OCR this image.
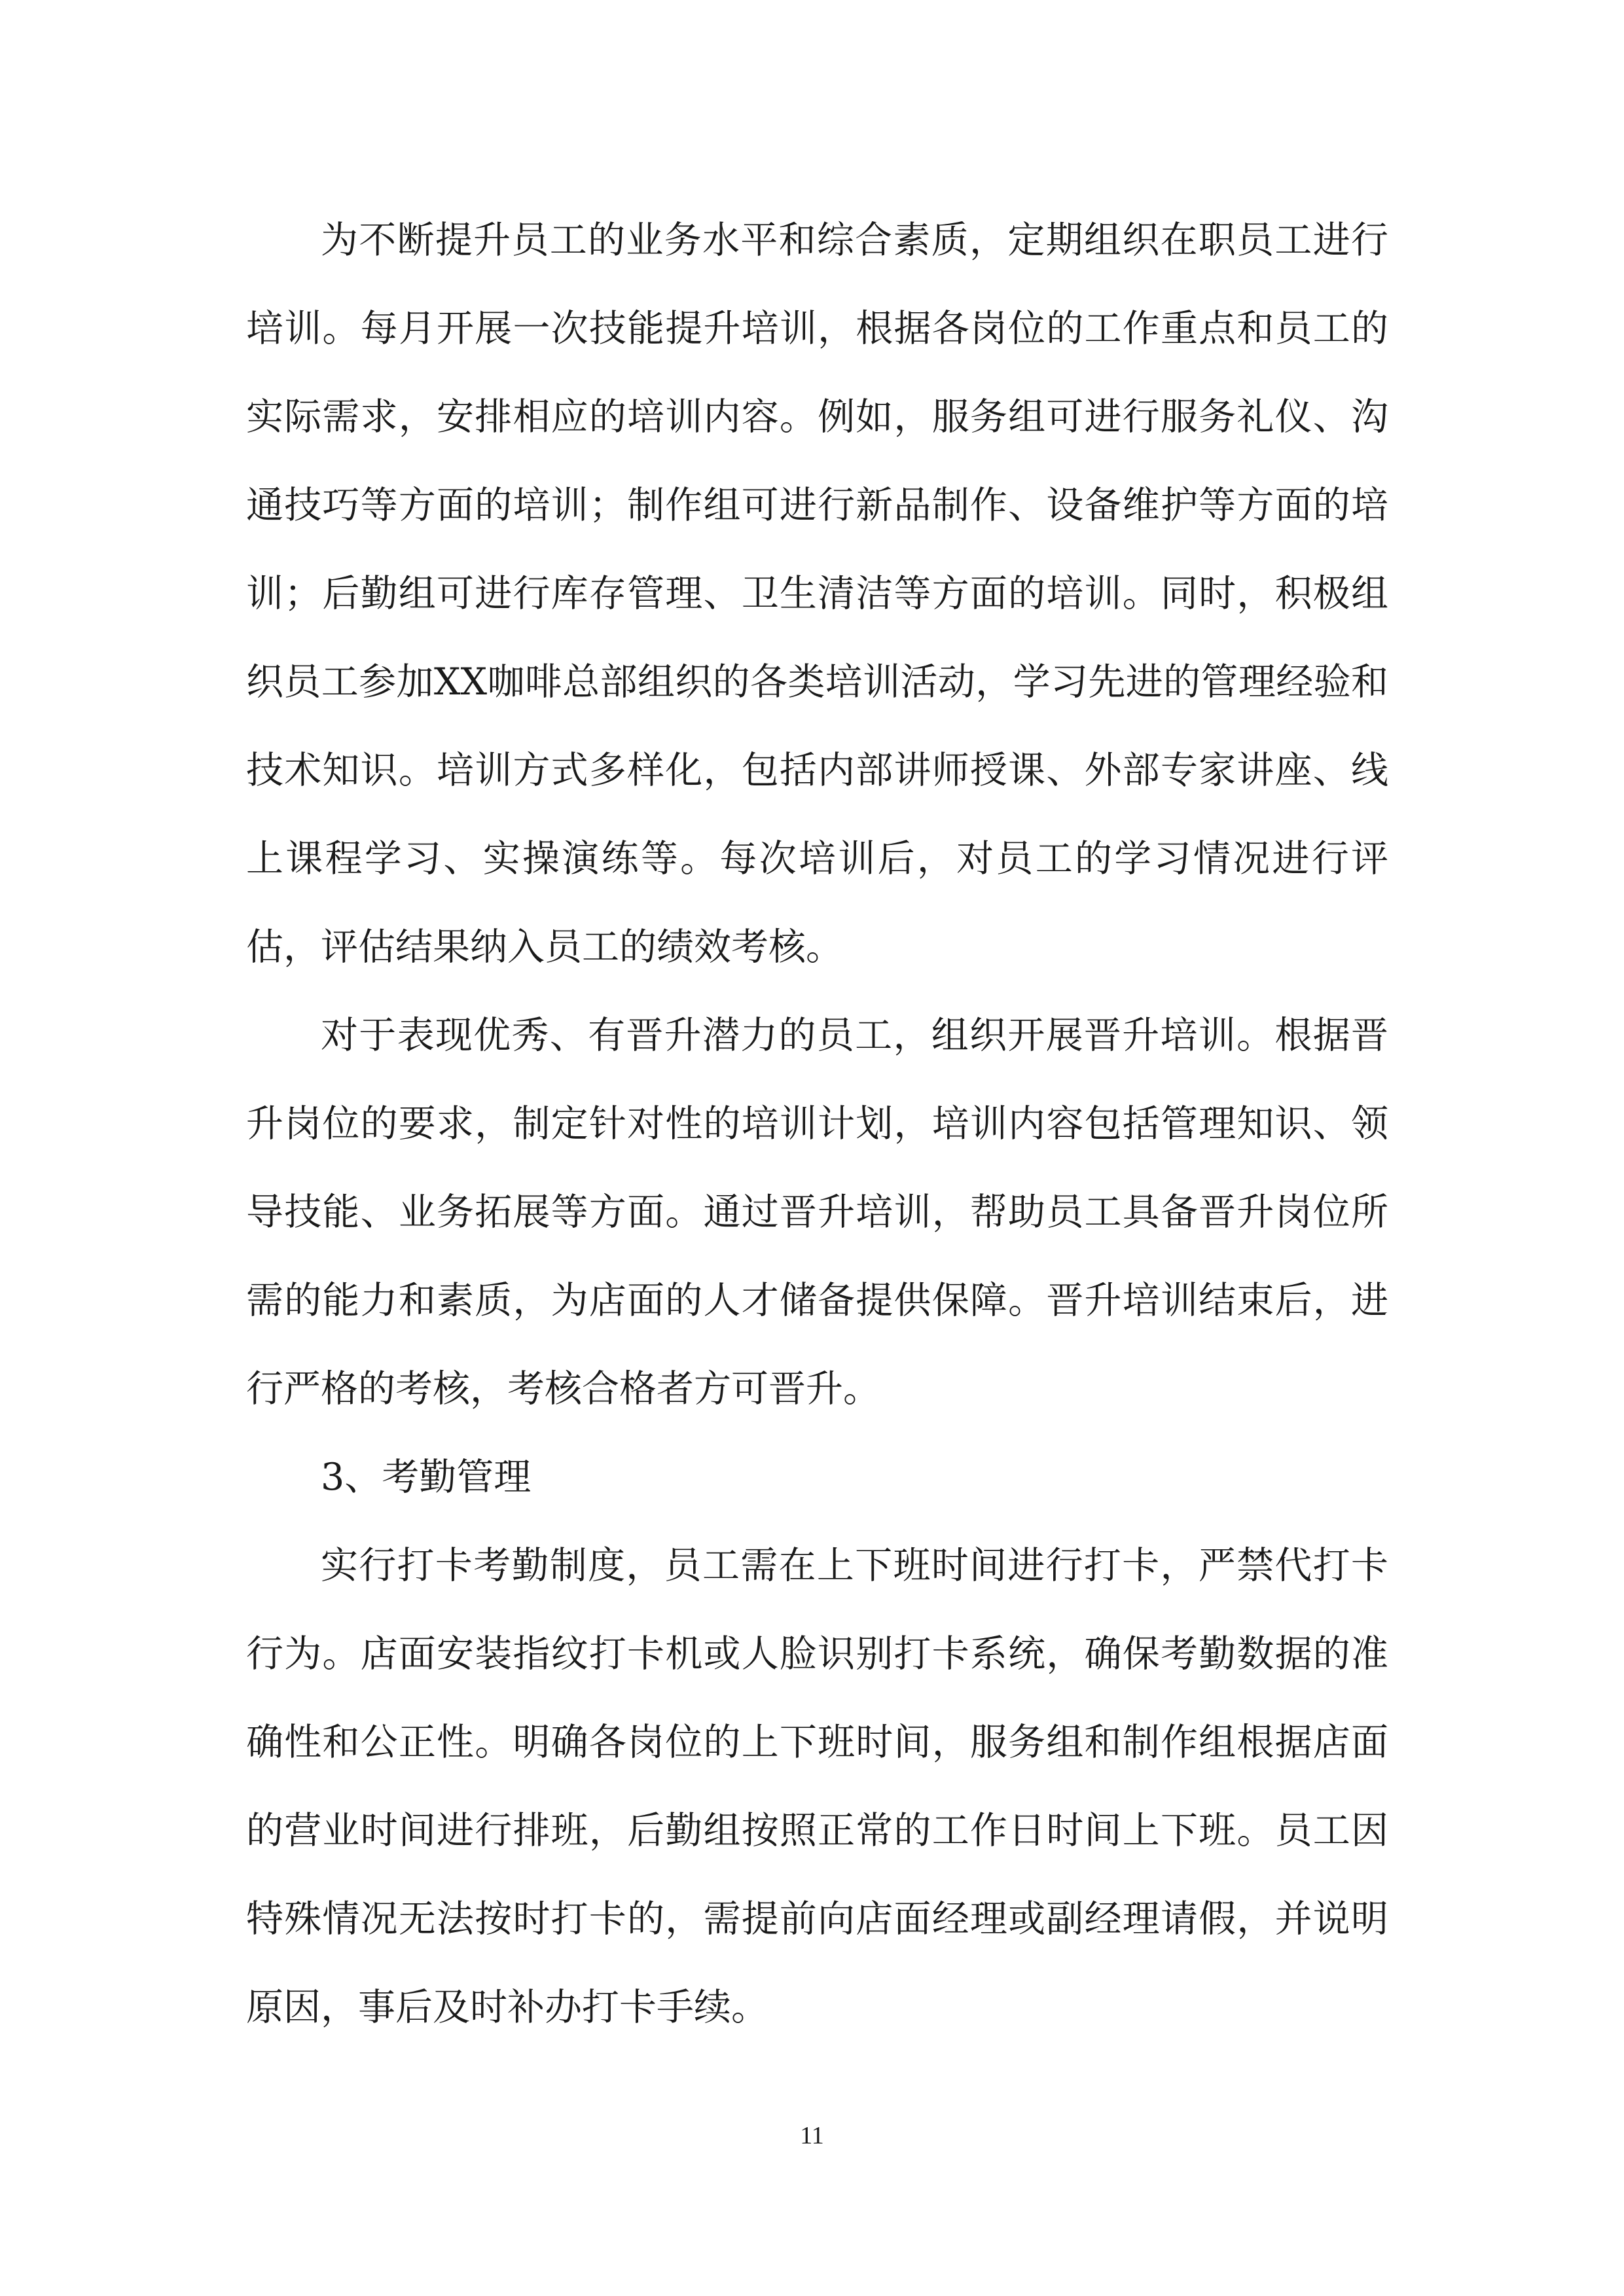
为不断提升员工的业务水平和综合素质，定期组织在职员工进行培训。每月开展一次技能提升培训，根据各岗位的工作重点和员工的实际需求，安排相应的培训内容。例如，服务组可进行服务礼仪、沟通技巧等方面的培训；制作组可进行新品制作、设备维护等方面的培训；后勤组可进行库存管理、卫生清洁等方面的培训。同时，积极组织员工参加XX咖啡总部组织的各类培训活动，学习先进的管理经验和技术知识。培训方式多样化，包括内部讲师授课、外部专家讲座、线上课程学习、实操演练等。每次培训后，对员工的学习情况进行评估，评估结果纳入员工的绩效考核。

对于表现优秀、有晋升潜力的员工，组织开展晋升培训。根据晋升岗位的要求，制定针对性的培训计划，培训内容包括管理知识、领导技能、业务拓展等方面。通过晋升培训，帮助员工具备晋升岗位所需的能力和素质，为店面的人才储备提供保障。晋升培训结束后，进行严格的考核，考核合格者方可晋升。

3、考勤管理

实行打卡考勤制度，员工需在上下班时间进行打卡，严禁代打卡行为。店面安装指纹打卡机或人脸识别打卡系统，确保考勤数据的准确性和公正性。明确各岗位的上下班时间，服务组和制作组根据店面的营业时间进行排班，后勤组按照正常的工作日时间上下班。员工因特殊情况无法按时打卡的，需提前向店面经理或副经理请假，并说明原因，事后及时补办打卡手续。

11
